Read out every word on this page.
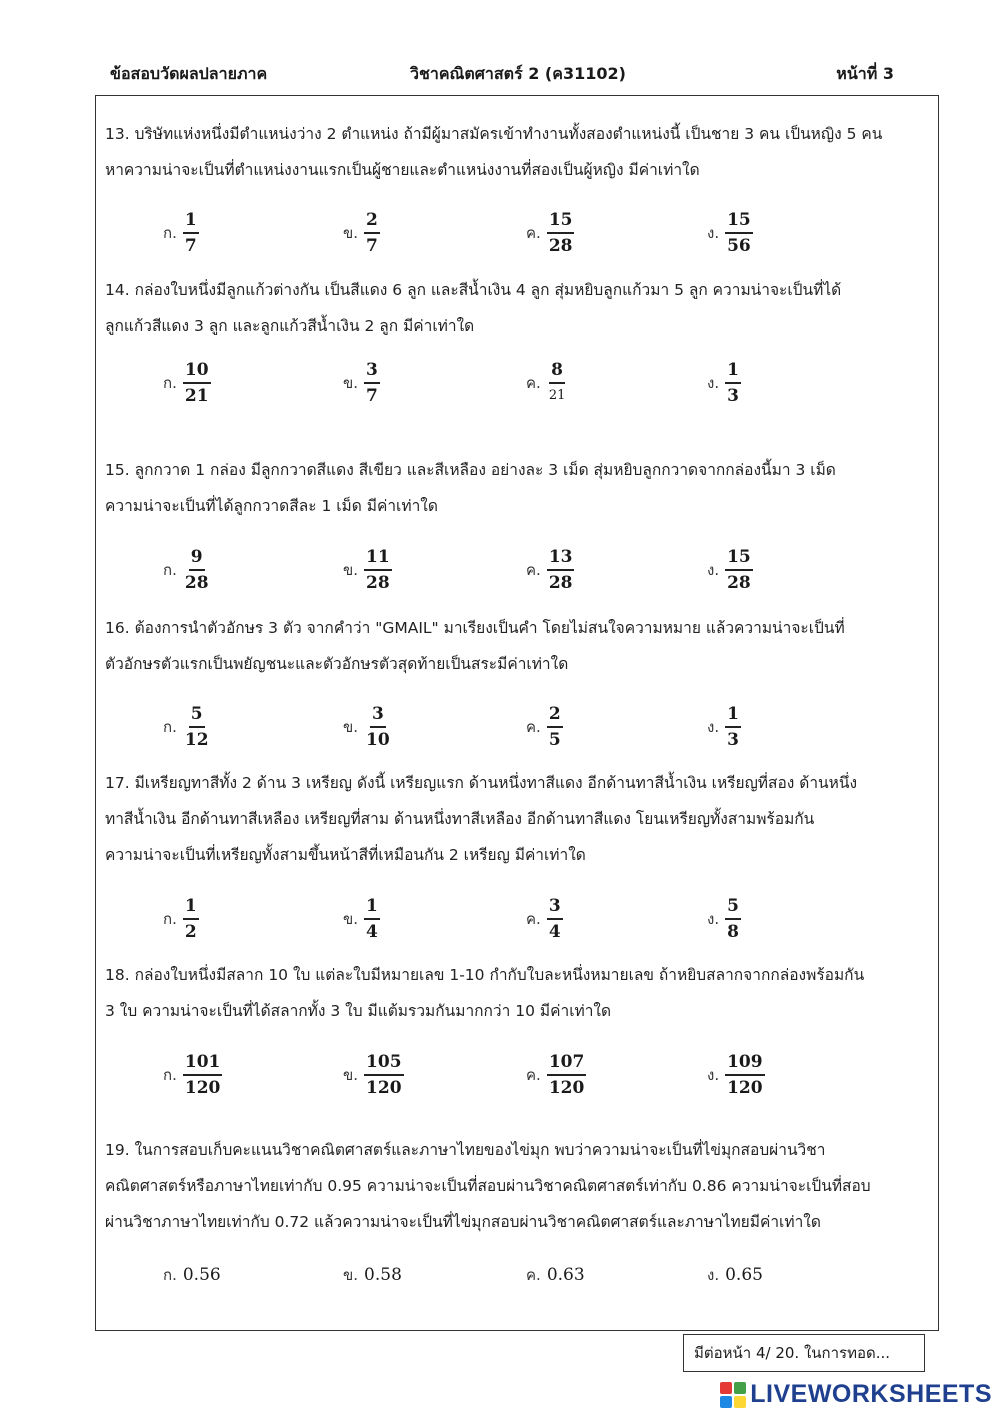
ข้อสอบวัดผลปลายภาค	วิชาคณิตศาสตร์ 2 (ค31102)	หน้าที่ 3
13. บริษัทแห่งหนึ่งมีตำแหน่งว่าง 2 ตำแหน่ง ถ้ามีผู้มาสมัครเข้าทำงานทั้งสองตำแหน่งนี้ เป็นชาย 3 คน เป็นหญิง 5 คน
หาความน่าจะเป็นที่ตำแหน่งงานแรกเป็นผู้ชายและตำแหน่งงานที่สองเป็นผู้หญิง มีค่าเท่าใด
ก. $\frac{1}{7}$	ข. $\frac{2}{7}$	ค. $\frac{15}{28}$	ง. $\frac{15}{56}$
14. กล่องใบหนึ่งมีลูกแก้วต่างกัน เป็นสีแดง 6 ลูก และสีน้ำเงิน 4 ลูก สุ่มหยิบลูกแก้วมา 5 ลูก ความน่าจะเป็นที่ได้
ลูกแก้วสีแดง 3 ลูก และลูกแก้วสีน้ำเงิน 2 ลูก มีค่าเท่าใด
ก. $\frac{10}{21}$	ข. $\frac{3}{7}$	ค. $\frac{8}{21}$	ง. $\frac{1}{3}$
15. ลูกกวาด 1 กล่อง มีลูกกวาดสีแดง สีเขียว และสีเหลือง อย่างละ 3 เม็ด สุ่มหยิบลูกกวาดจากกล่องนี้มา 3 เม็ด
ความน่าจะเป็นที่ได้ลูกกวาดสีละ 1 เม็ด มีค่าเท่าใด
ก. $\frac{9}{28}$	ข. $\frac{11}{28}$	ค. $\frac{13}{28}$	ง. $\frac{15}{28}$
16. ต้องการนำตัวอักษร 3 ตัว จากคำว่า "GMAIL" มาเรียงเป็นคำ โดยไม่สนใจความหมาย แล้วความน่าจะเป็นที่
ตัวอักษรตัวแรกเป็นพยัญชนะและตัวอักษรตัวสุดท้ายเป็นสระมีค่าเท่าใด
ก. $\frac{5}{12}$	ข. $\frac{3}{10}$	ค. $\frac{2}{5}$	ง. $\frac{1}{3}$
17. มีเหรียญทาสีทั้ง 2 ด้าน 3 เหรียญ ดังนี้ เหรียญแรก ด้านหนึ่งทาสีแดง อีกด้านทาสีน้ำเงิน เหรียญที่สอง ด้านหนึ่ง
ทาสีน้ำเงิน อีกด้านทาสีเหลือง เหรียญที่สาม ด้านหนึ่งทาสีเหลือง อีกด้านทาสีแดง โยนเหรียญทั้งสามพร้อมกัน
ความน่าจะเป็นที่เหรียญทั้งสามขึ้นหน้าสีที่เหมือนกัน 2 เหรียญ มีค่าเท่าใด
ก. $\frac{1}{2}$	ข. $\frac{1}{4}$	ค. $\frac{3}{4}$	ง. $\frac{5}{8}$
18. กล่องใบหนึ่งมีสลาก 10 ใบ แต่ละใบมีหมายเลข 1-10 กำกับใบละหนึ่งหมายเลข ถ้าหยิบสลากจากกล่องพร้อมกัน
3 ใบ ความน่าจะเป็นที่ได้สลากทั้ง 3 ใบ มีแต้มรวมกันมากกว่า 10 มีค่าเท่าใด
ก. $\frac{101}{120}$	ข. $\frac{105}{120}$	ค. $\frac{107}{120}$	ง. $\frac{109}{120}$
19. ในการสอบเก็บคะแนนวิชาคณิตศาสตร์และภาษาไทยของไข่มุก พบว่าความน่าจะเป็นที่ไข่มุกสอบผ่านวิชา
คณิตศาสตร์หรือภาษาไทยเท่ากับ 0.95 ความน่าจะเป็นที่สอบผ่านวิชาคณิตศาสตร์เท่ากับ 0.86 ความน่าจะเป็นที่สอบ
ผ่านวิชาภาษาไทยเท่ากับ 0.72 แล้วความน่าจะเป็นที่ไข่มุกสอบผ่านวิชาคณิตศาสตร์และภาษาไทยมีค่าเท่าใด
ก. 0.56	ข. 0.58	ค. 0.63	ง. 0.65
มีต่อหน้า 4/ 20. ในการทอด...
LIVEWORKSHEETS
